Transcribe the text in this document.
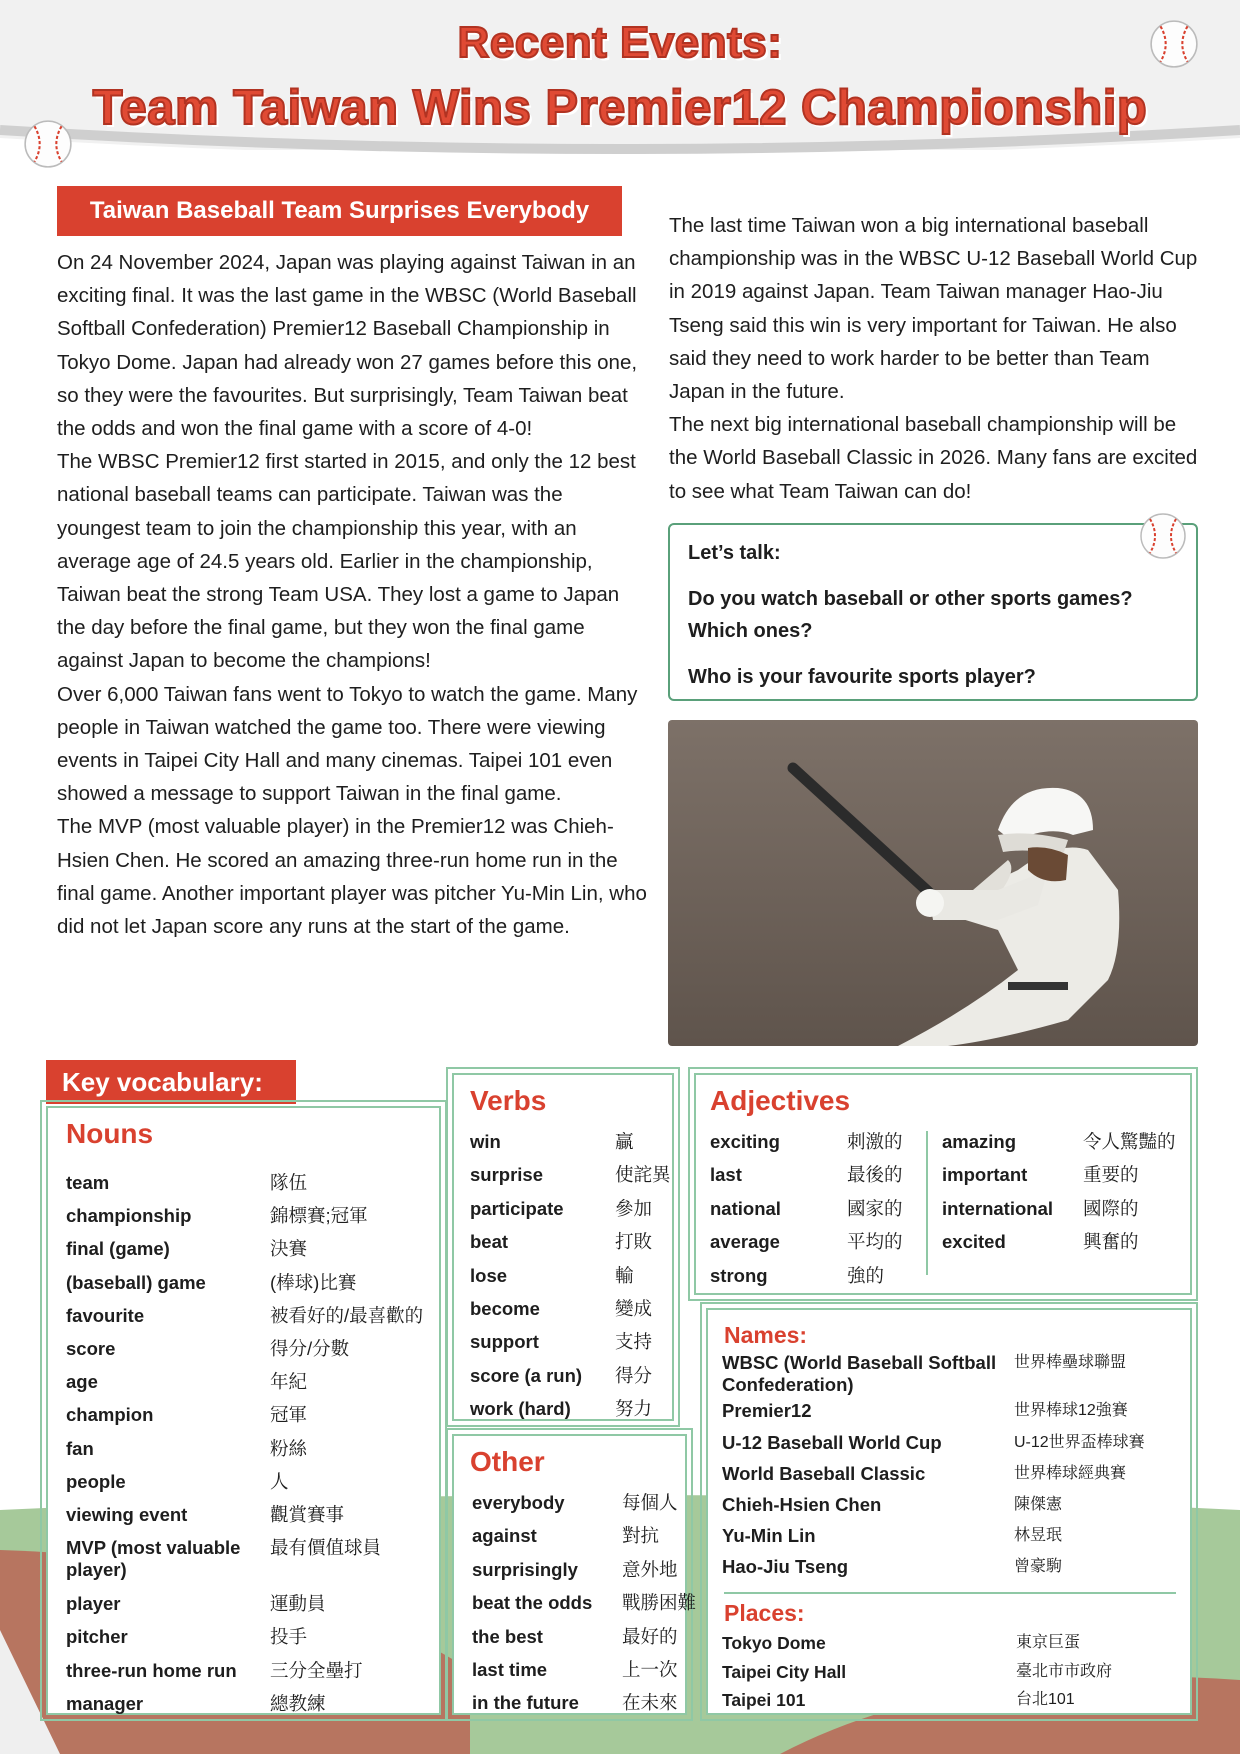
Recent Events:
Team Taiwan Wins Premier12 Championship
Taiwan Baseball Team Surprises Everybody

On 24 November 2024, Japan was playing against Taiwan in an exciting final. It was the last game in the WBSC (World Baseball Softball Confederation) Premier12 Baseball Championship in Tokyo Dome. Japan had already won 27 games before this one, so they were the favourites. But surprisingly, Team Taiwan beat the odds and won the final game with a score of 4-0!

The WBSC Premier12 first started in 2015, and only the 12 best national baseball teams can participate. Taiwan was the youngest team to join the championship this year, with an average age of 24.5 years old. Earlier in the championship, Taiwan beat the strong Team USA. They lost a game to Japan the day before the final game, but they won the final game against Japan to become the champions!

Over 6,000 Taiwan fans went to Tokyo to watch the game. Many people in Taiwan watched the game too. There were viewing events in Taipei City Hall and many cinemas. Taipei 101 even showed a message to support Taiwan in the final game.

The MVP (most valuable player) in the Premier12 was Chieh-Hsien Chen. He scored an amazing three-run home run in the final game. Another important player was pitcher Yu-Min Lin, who did not let Japan score any runs at the start of the game.

The last time Taiwan won a big international baseball championship was in the WBSC U-12 Baseball World Cup in 2019 against Japan. Team Taiwan manager Hao-Jiu Tseng said this win is very important for Taiwan. He also said they need to work harder to be better than Team Japan in the future.

The next big international baseball championship will be the World Baseball Classic in 2026. Many fans are excited to see what Team Taiwan can do!

Let’s talk:

Do you watch baseball or other sports games? Which ones?

Who is your favourite sports player?

Key vocabulary:
Nouns
team	隊伍
championship	錦標賽;冠軍
final (game)	決賽
(baseball) game	(棒球)比賽
favourite	被看好的/最喜歡的
score	得分/分數
age	年紀
champion	冠軍
fan	粉絲
people	人
viewing event	觀賞賽事
MVP (most valuable player)
最有價值球員
player	運動員
pitcher	投手
three-run home run	三分全壘打
manager	總教練
Verbs
win	贏
surprise	使詫異
participate	參加
beat	打敗
lose	輸
become	變成
support	支持
score (a run)	得分
work (hard)	努力
Other
everybody	每個人
against	對抗
surprisingly	意外地
beat the odds	戰勝困難
the best	最好的
last time	上一次
in the future	在未來
Adjectives
exciting	刺激的
last	最後的
national	國家的
average	平均的
strong	強的
amazing	令人驚豔的
important	重要的
international	國際的
excited	興奮的
Names:
WBSC (World Baseball Softball Confederation)
世界棒壘球聯盟
Premier12	世界棒球12強賽
U-12 Baseball World Cup	U-12世界盃棒球賽
World Baseball Classic	世界棒球經典賽
Chieh-Hsien Chen	陳傑憲
Yu-Min Lin	林昱珉
Hao-Jiu Tseng	曾豪駒
Places:
Tokyo Dome	東京巨蛋
Taipei City Hall	臺北市市政府
Taipei 101	台北101
